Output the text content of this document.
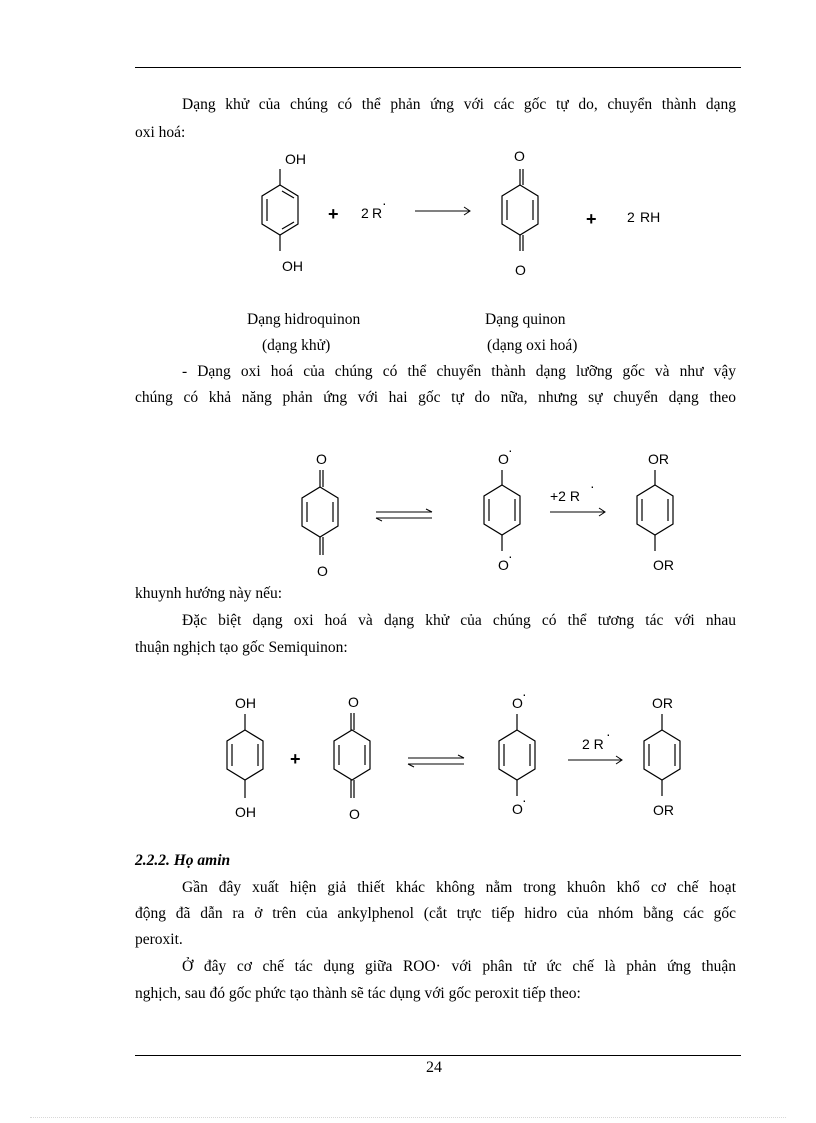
Dạng khử của chúng có thể phản ứng với các gốc tự do, chuyển thành dạng
oxi hoá:
OH
OH
+ 2 R
·
O
O
+ 2 RH
Dạng hidroquinon	Dạng quinon
(dạng khử)	(dạng oxi hoá)
- Dạng oxi hoá của chúng có thể chuyển thành dạng lưỡng gốc và như vậy
chúng có khả năng phản ứng với hai gốc tự do nữa, nhưng sự chuyển dạng theo
O
O
O
·
O
·
+2 R
·
OR
OR
khuynh hướng này nếu:
Đặc biệt dạng oxi hoá và dạng khử của chúng có thể tương tác với nhau
thuận nghịch tạo gốc Semiquinon:
OH
OH
+
O
O
O
·
O
·
2 R
·
OR
OR
2.2.2. Họ amin
Gần đây xuất hiện giả thiết khác không nằm trong khuôn khổ cơ chế hoạt
động đã dẫn ra ở trên của ankylphenol (cắt trực tiếp hidro của nhóm bằng các gốc
peroxit.
Ở đây cơ chế tác dụng giữa ROO· với phân tử ức chế là phản ứng thuận
nghịch, sau đó gốc phức tạo thành sẽ tác dụng với gốc peroxit tiếp theo:
24
